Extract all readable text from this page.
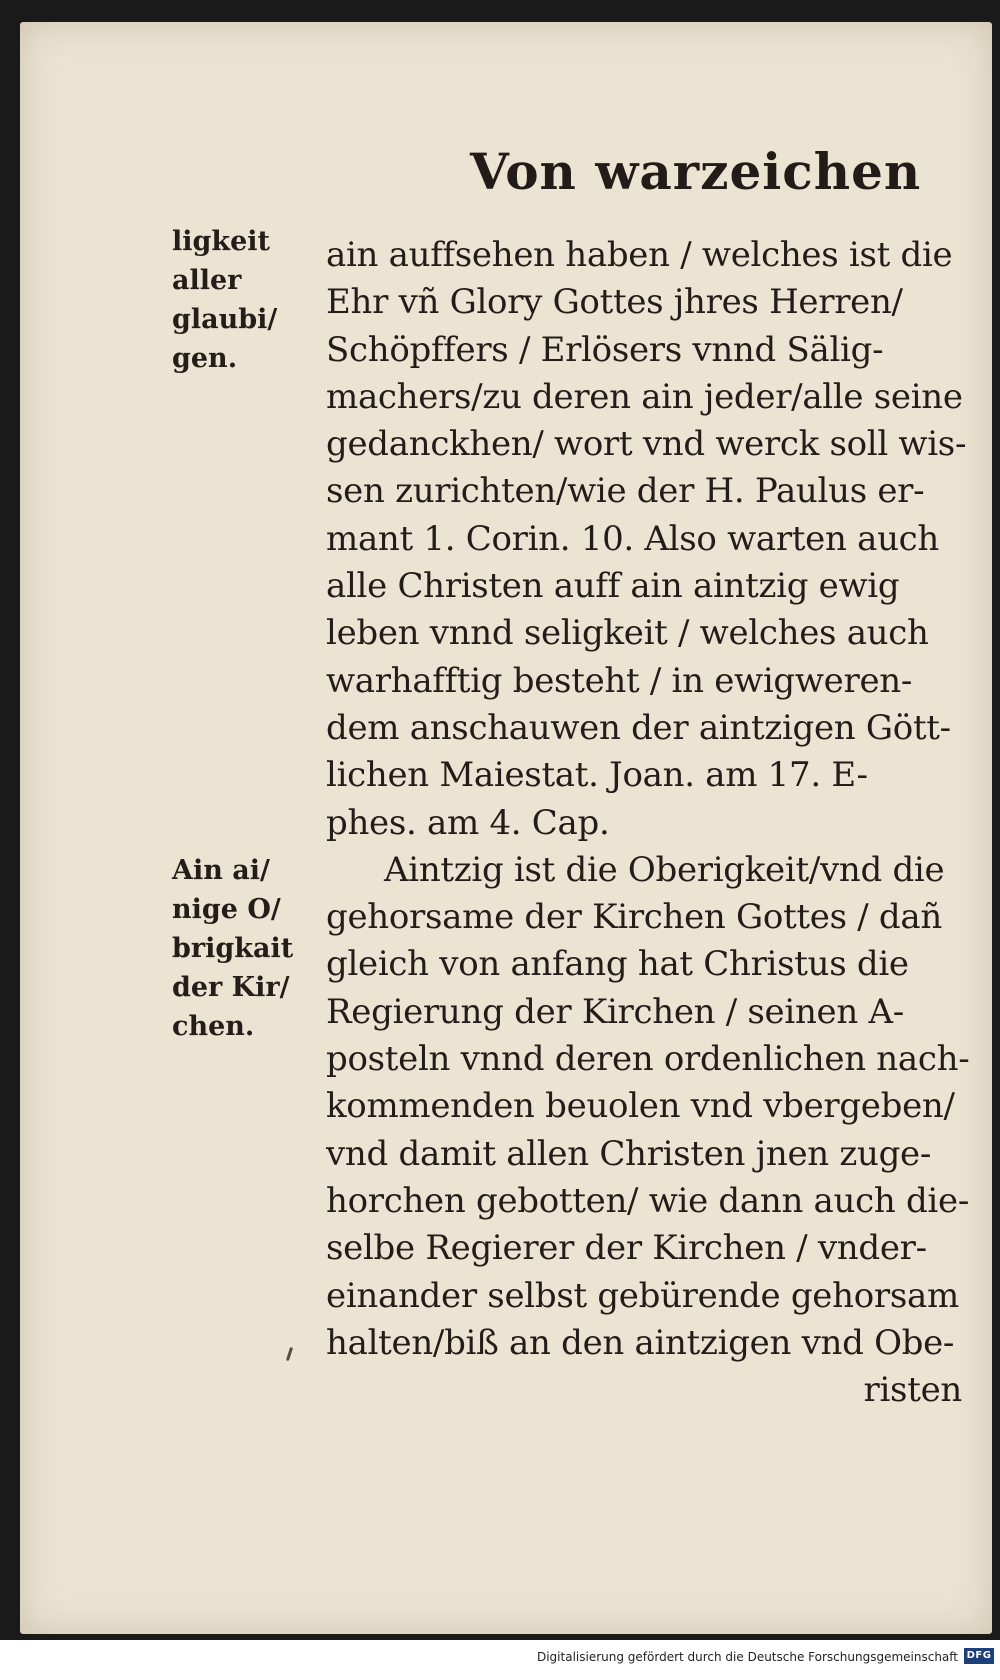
Von warzeichen
ligkeit
aller
glaubi/
gen.
Ain ai/
nige O/
brigkait
der Kir/
chen.
ain auffsehen haben / welches ist die
Ehr vñ Glory Gottes jhres Herren/
Schöpffers / Erlösers vnnd Sälig-
machers/zu deren ain jeder/alle seine
gedanckhen/ wort vnd werck soll wis-
sen zurichten/wie der H. Paulus er-
mant 1. Corin. 10. Also warten auch
alle Christen auff ain aintzig ewig
leben vnnd seligkeit / welches auch
warhafftig besteht / in ewigweren-
dem anschauwen der aintzigen Gött-
lichen Maiestat. Joan. am 17. E-
phes. am 4. Cap.
Aintzig ist die Oberigkeit/vnd die
gehorsame der Kirchen Gottes / dañ
gleich von anfang hat Christus die
Regierung der Kirchen / seinen A-
posteln vnnd deren ordenlichen nach-
kommenden beuolen vnd vbergeben/
vnd damit allen Christen jnen zuge-
horchen gebotten/ wie dann auch die-
selbe Regierer der Kirchen / vnder-
einander selbst gebürende gehorsam
halten/biß an den aintzigen vnd Obe-
risten
Digitalisierung gefördert durch die Deutsche Forschungsgemeinschaft DFG
